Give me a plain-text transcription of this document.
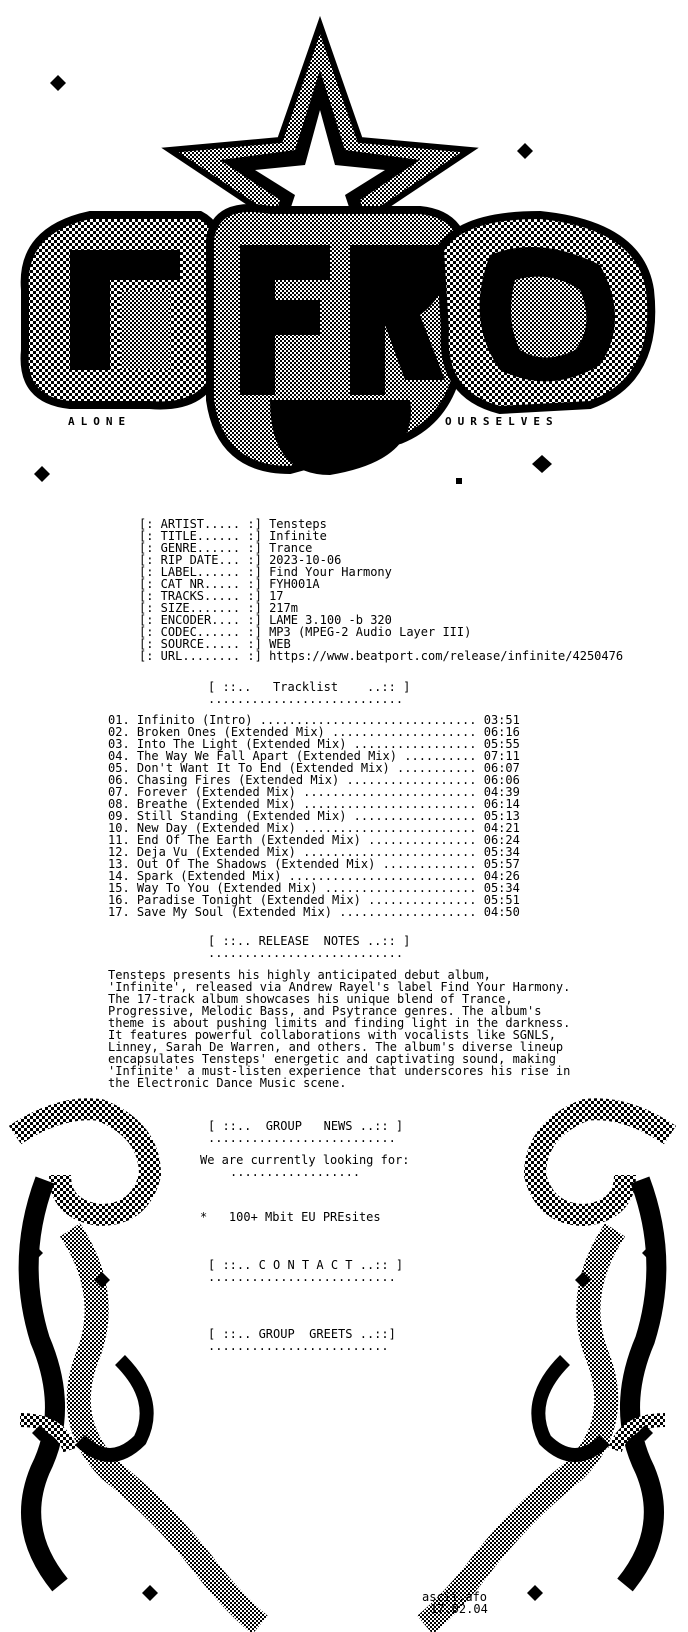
ALONE
FOR
OURSELVES
[: ARTIST..... :] Tensteps
[: TITLE...... :] Infinite
[: GENRE...... :] Trance
[: RIP DATE... :] 2023-10-06
[: LABEL...... :] Find Your Harmony
[: CAT NR..... :] FYH001A
[: TRACKS..... :] 17
[: SIZE....... :] 217m
[: ENCODER.... :] LAME 3.100 -b 320
[: CODEC...... :] MP3 (MPEG-2 Audio Layer III)
[: SOURCE..... :] WEB
[: URL........ :] https://www.beatport.com/release/infinite/4250476
[ ::..   Tracklist    ..:: ]
...........................
01. Infinito (Intro) .............................. 03:51
02. Broken Ones (Extended Mix) .................... 06:16
03. Into The Light (Extended Mix) ................. 05:55
04. The Way We Fall Apart (Extended Mix) .......... 07:11
05. Don't Want It To End (Extended Mix) ........... 06:07
06. Chasing Fires (Extended Mix) .................. 06:06
07. Forever (Extended Mix) ........................ 04:39
08. Breathe (Extended Mix) ........................ 06:14
09. Still Standing (Extended Mix) ................. 05:13
10. New Day (Extended Mix) ........................ 04:21
11. End Of The Earth (Extended Mix) ............... 06:24
12. Deja Vu (Extended Mix) ........................ 05:34
13. Out Of The Shadows (Extended Mix) ............. 05:57
14. Spark (Extended Mix) .......................... 04:26
15. Way To You (Extended Mix) ..................... 05:34
16. Paradise Tonight (Extended Mix) ............... 05:51
17. Save My Soul (Extended Mix) ................... 04:50
[ ::.. RELEASE  NOTES ..:: ]
...........................
Tensteps presents his highly anticipated debut album,
'Infinite', released via Andrew Rayel's label Find Your Harmony.
The 17-track album showcases his unique blend of Trance,
Progressive, Melodic Bass, and Psytrance genres. The album's
theme is about pushing limits and finding light in the darkness.
It features powerful collaborations with vocalists like SGNLS,
Linney, Sarah De Warren, and others. The album's diverse lineup
encapsulates Tensteps' energetic and captivating sound, making
'Infinite' a must-listen experience that underscores his rise in
the Electronic Dance Music scene.
[ ::..  GROUP   NEWS ..:: ]
..........................
We are currently looking for:
..................
*   100+ Mbit EU PREsites
[ ::.. C O N T A C T ..:: ]
..........................
[ ::.. GROUP  GREETS ..::]
.........................
ascii.afo
17.02.04
